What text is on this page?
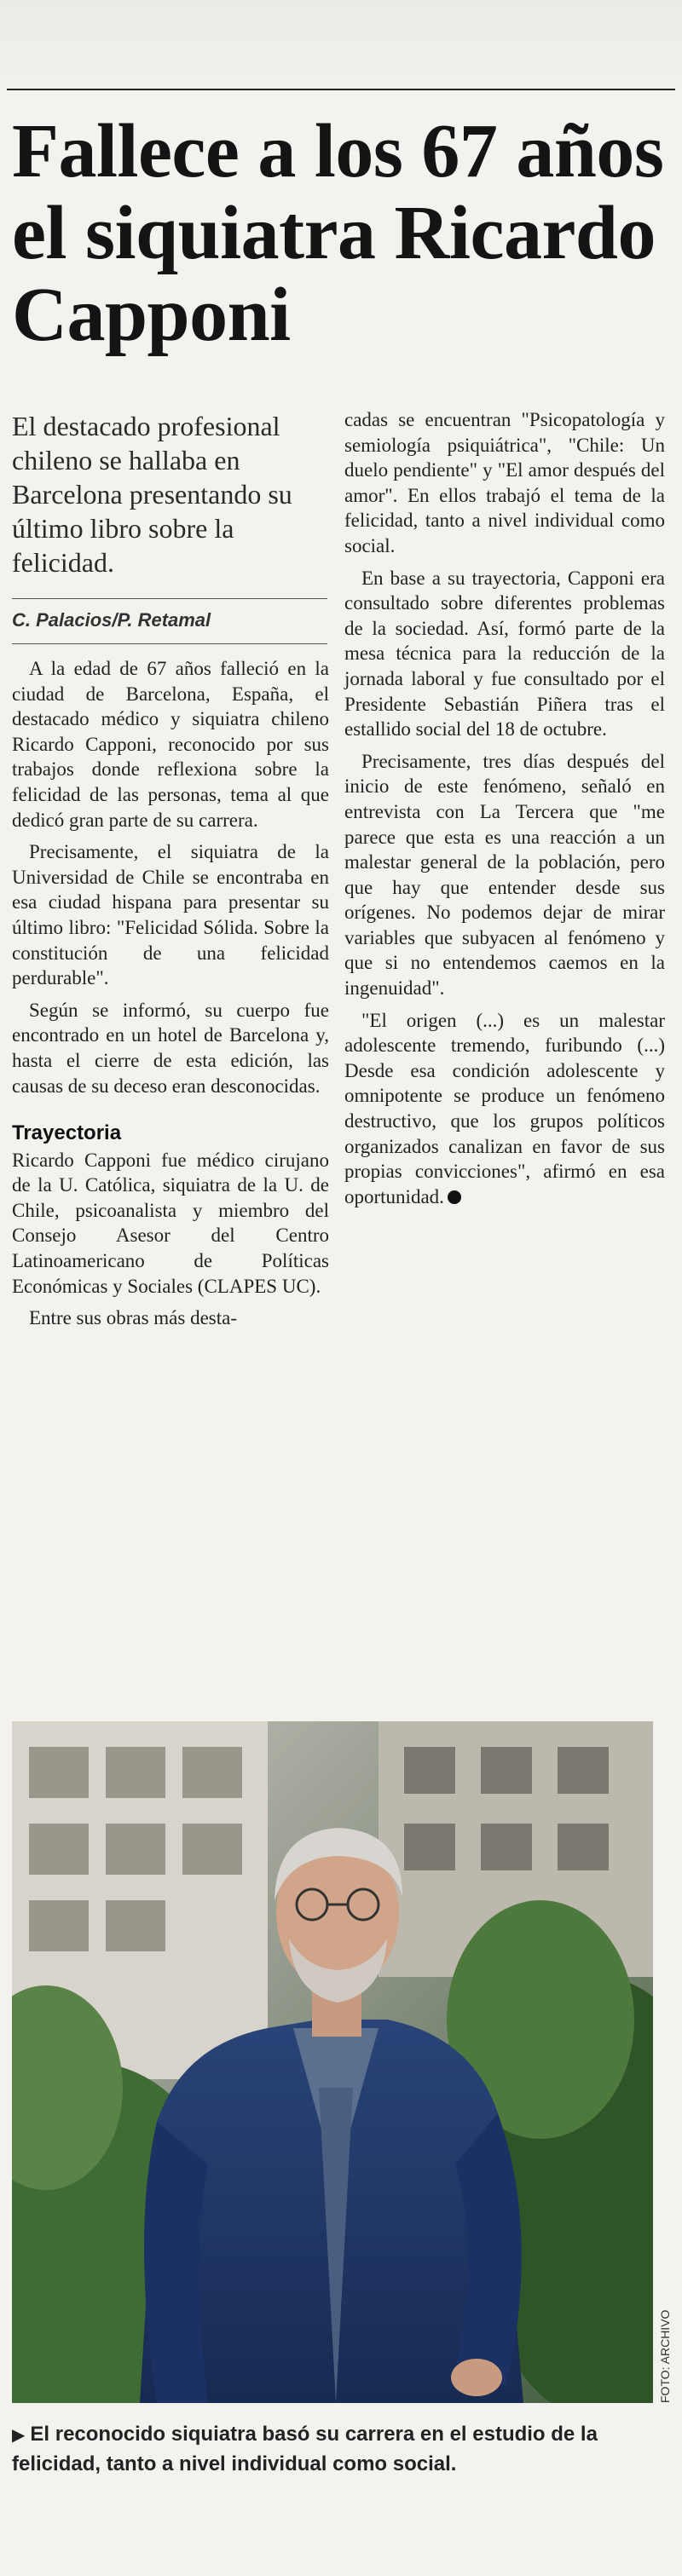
Fallece a los 67 años el siquiatra Ricardo Capponi

El destacado profesional chileno se hallaba en Barcelona presentando su último libro sobre la felicidad.

C. Palacios/P. Retamal

A la edad de 67 años falleció en la ciudad de Barcelona, España, el destacado médico y siquiatra chileno Ricardo Capponi, reconocido por sus trabajos donde reflexiona sobre la felicidad de las personas, tema al que dedicó gran parte de su carrera.

Precisamente, el siquiatra de la Universidad de Chile se encontraba en esa ciudad hispana para presentar su último libro: "Felicidad Sólida. Sobre la constitución de una felicidad perdurable".

Según se informó, su cuerpo fue encontrado en un hotel de Barcelona y, hasta el cierre de esta edición, las causas de su deceso eran desconocidas.

Trayectoria

Ricardo Capponi fue médico cirujano de la U. Católica, siquiatra de la U. de Chile, psicoanalista y miembro del Consejo Asesor del Centro Latinoamericano de Políticas Económicas y Sociales (CLAPES UC).

Entre sus obras más desta-

cadas se encuentran "Psicopatología y semiología psiquiátrica", "Chile: Un duelo pendiente" y "El amor después del amor". En ellos trabajó el tema de la felicidad, tanto a nivel individual como social.

En base a su trayectoria, Capponi era consultado sobre diferentes problemas de la sociedad. Así, formó parte de la mesa técnica para la reducción de la jornada laboral y fue consultado por el Presidente Sebastián Piñera tras el estallido social del 18 de octubre.

Precisamente, tres días después del inicio de este fenómeno, señaló en entrevista con La Tercera que "me parece que esta es una reacción a un malestar general de la población, pero que hay que entender desde sus orígenes. No podemos dejar de mirar variables que subyacen al fenómeno y que si no entendemos caemos en la ingenuidad".

"El origen (...) es un malestar adolescente tremendo, furibundo (...) Desde esa condición adolescente y omnipotente se produce un fenómeno destructivo, que los grupos políticos organizados canalizan en favor de sus propias convicciones", afirmó en esa oportunidad.

FOTO: ARCHIVO
▶ El reconocido siquiatra basó su carrera en el estudio de la felicidad, tanto a nivel individual como social.
